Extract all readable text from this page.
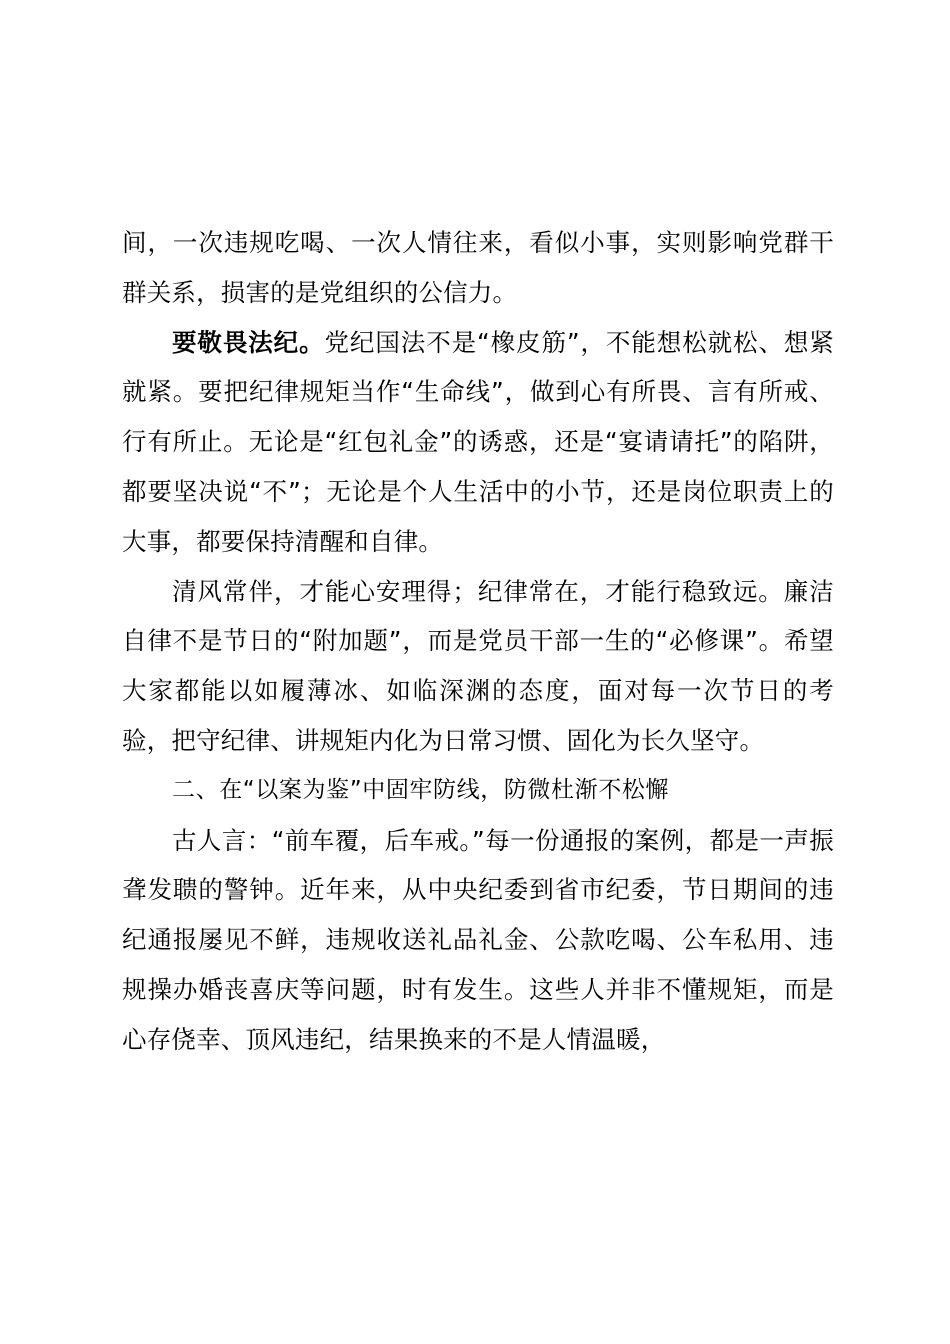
间，一次违规吃喝、一次人情往来，看似小事，实则影响党群干群关系，损害的是党组织的公信力。

要敬畏法纪。党纪国法不是“橡皮筋”，不能想松就松、想紧就紧。要把纪律规矩当作“生命线”，做到心有所畏、言有所戒、行有所止。无论是“红包礼金”的诱惑，还是“宴请请托”的陷阱，都要坚决说“不”；无论是个人生活中的小节，还是岗位职责上的大事，都要保持清醒和自律。

清风常伴，才能心安理得；纪律常在，才能行稳致远。廉洁自律不是节日的“附加题”，而是党员干部一生的“必修课”。希望大家都能以如履薄冰、如临深渊的态度，面对每一次节日的考验，把守纪律、讲规矩内化为日常习惯、固化为长久坚守。

二、在“以案为鉴”中固牢防线，防微杜渐不松懈

古人言：“前车覆，后车戒。”每一份通报的案例，都是一声振聋发聩的警钟。近年来，从中央纪委到省市纪委，节日期间的违纪通报屡见不鲜，违规收送礼品礼金、公款吃喝、公车私用、违规操办婚丧喜庆等问题，时有发生。这些人并非不懂规矩，而是心存侥幸、顶风违纪，结果换来的不是人情温暖，
